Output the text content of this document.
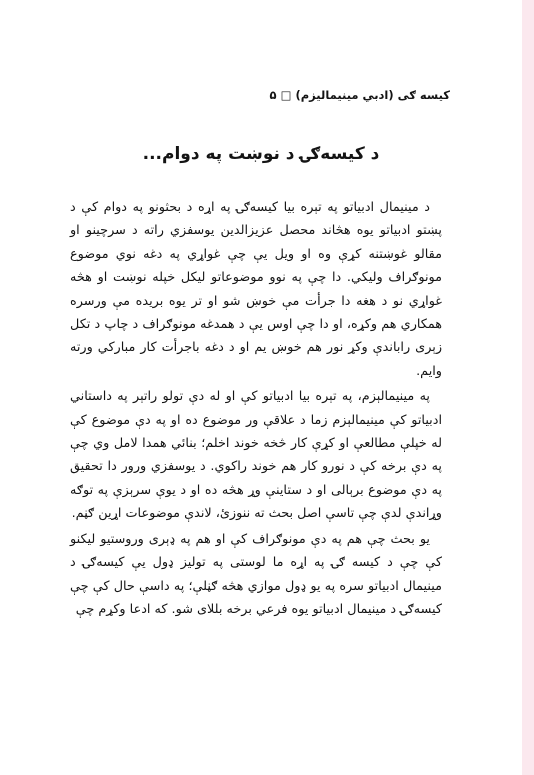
کیسه ګی (ادبي مینیمالیزم) □ ۵
د کیسه‌ګۍ د نوښت په دوام...

د مینیمال ادبیاتو په تېره بیا کیسه‌ګۍ په اړه د بحثونو په دوام کې د پښتو ادبیاتو یوه هڅاند محصل عزیزالدین یوسفزي راته د سرچینو او مقالو غوښتنه کړې وه او ویل یې چې غواړي په دغه نوي موضوع مونوګراف ولیکي. دا چې په نوو موضوعاتو لیکل خپله نوښت او هڅه غواړي نو د هغه دا جرأت مې خوښ شو او تر یوه بریده مې ورسره همکاري هم وکړه، او دا چې اوس یې د همدغه مونوګراف د چاپ د تکل زېری راباندې وکړ نور هم خوښ یم او د دغه باجرأت کار مبارکي ورته وایم.

په مینیمالېزم، په تېره بیا ادبیاتو کې او له دې تولو راتېر په داستاني ادبیاتو کې مینیمالېزم زما د علاقې ور موضوع ده او په دې موضوع کې له خپلې مطالعې او کړې کار څخه خوند اخلم؛ بنائي همدا لامل وي چې په دې برخه کې د نورو کار هم خوند راکوي. د یوسفزي ورور دا تحقیق په دې موضوع برېالی او د ستاینې وړ هڅه ده او د یوې سرېزې په توګه وړاندې لدې چې تاسې اصل بحث ته ننوزئ، لاندې موضوعات اړین ګڼم.

یو بحث چې هم په دې مونوګراف کې او هم په ډېری وروستیو لیکنو کې چې د کیسه ګۍ په اړه ما لوستی په تولیز ډول یې کیسه‌ګۍ د مینیمال ادبیاتو سره په یو ډول موازي هڅه ګڼلې؛ په داسې حال کې چې کیسه‌ګۍ د مینیمال ادبیاتو یوه فرعي برخه بللای شو. که ادعا وکړم چې
